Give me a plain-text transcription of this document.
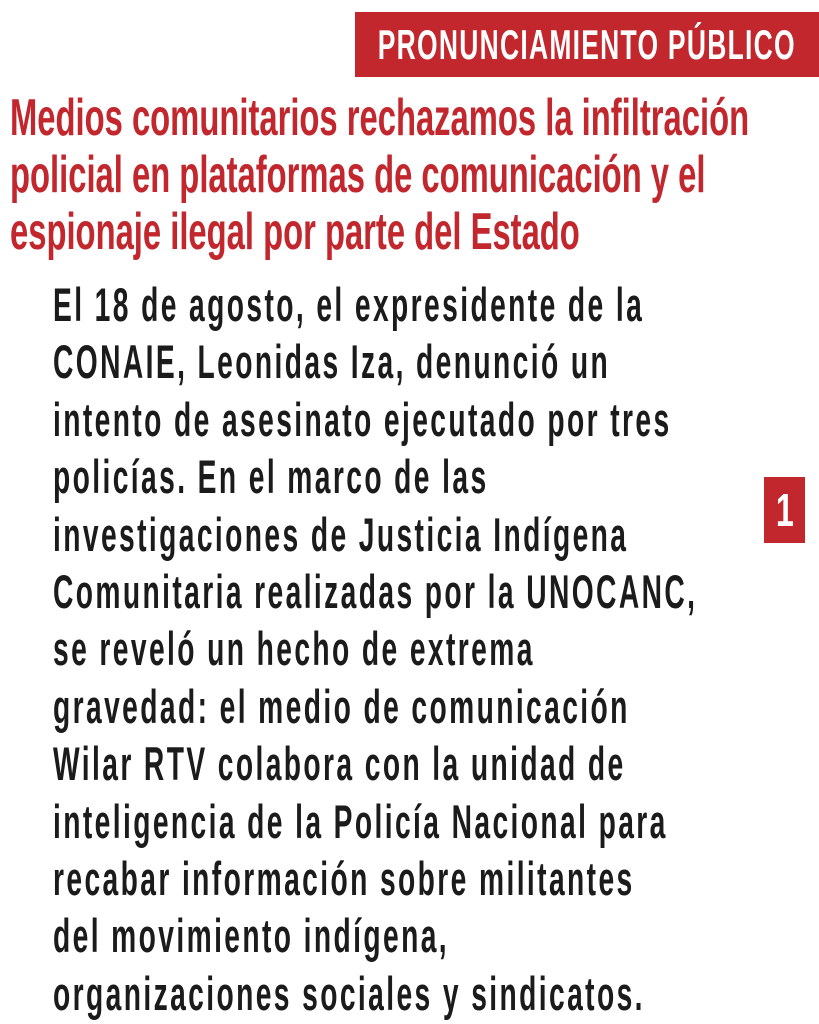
PRONUNCIAMIENTO PÚBLICO
Medios comunitarios rechazamos la infiltración
policial en plataformas de comunicación y el
espionaje ilegal por parte del Estado
El 18 de agosto, el expresidente de la
CONAIE, Leonidas Iza, denunció un
intento de asesinato ejecutado por tres
policías. En el marco de las
investigaciones de Justicia Indígena
Comunitaria realizadas por la UNOCANC,
se reveló un hecho de extrema
gravedad: el medio de comunicación
Wilar RTV colabora con la unidad de
inteligencia de la Policía Nacional para
recabar información sobre militantes
del movimiento indígena,
organizaciones sociales y sindicatos.
1
